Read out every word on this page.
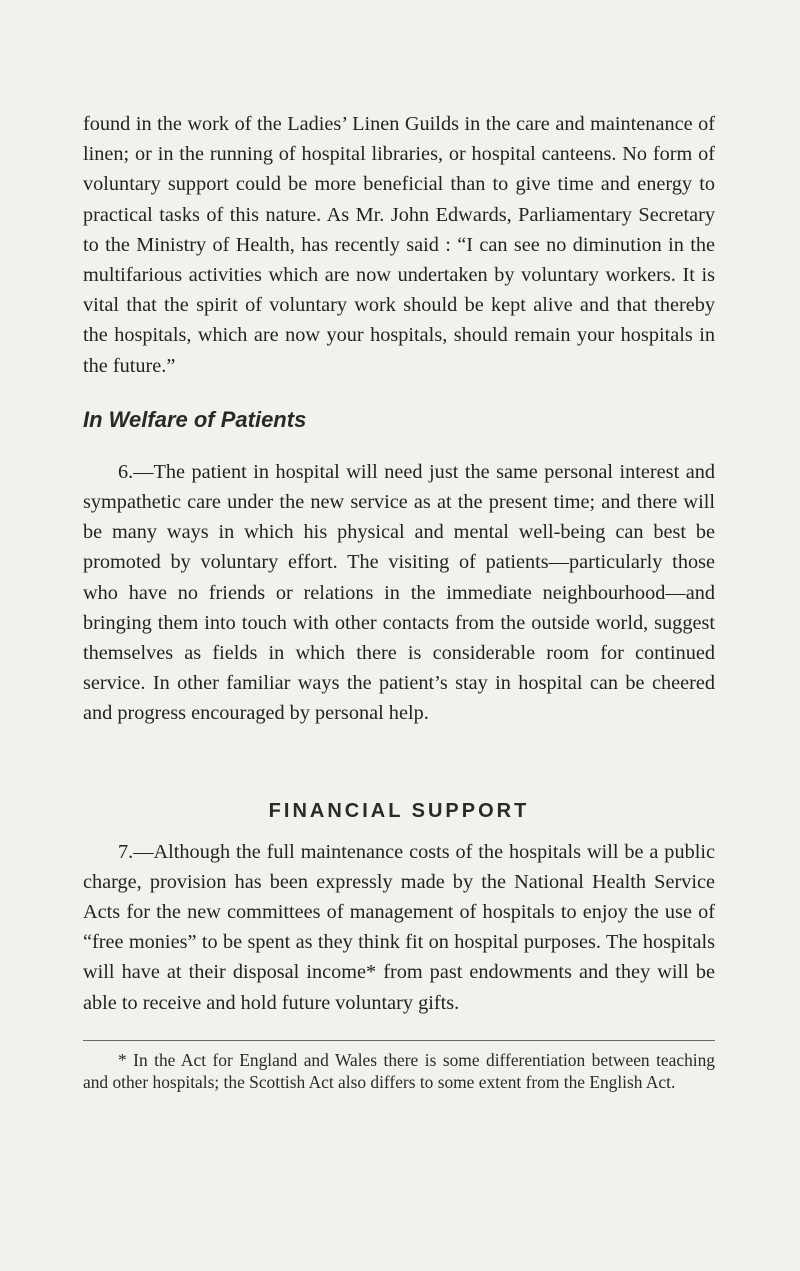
found in the work of the Ladies’ Linen Guilds in the care and maintenance of linen; or in the running of hospital libraries, or hospital canteens. No form of voluntary support could be more beneficial than to give time and energy to practical tasks of this nature. As Mr. John Edwards, Parliamentary Secretary to the Ministry of Health, has recently said : “I can see no diminution in the multifarious activities which are now undertaken by voluntary workers. It is vital that the spirit of voluntary work should be kept alive and that thereby the hospitals, which are now your hospitals, should remain your hospitals in the future.”

In Welfare of Patients

6.—The patient in hospital will need just the same personal interest and sympathetic care under the new service as at the present time; and there will be many ways in which his physical and mental well-being can best be promoted by voluntary effort. The visiting of patients—particularly those who have no friends or relations in the immediate neighbourhood—and bringing them into touch with other contacts from the outside world, suggest themselves as fields in which there is considerable room for continued service. In other familiar ways the patient’s stay in hospital can be cheered and progress encouraged by personal help.

FINANCIAL SUPPORT

7.—Although the full maintenance costs of the hospitals will be a public charge, provision has been expressly made by the National Health Service Acts for the new committees of management of hospitals to enjoy the use of “free monies” to be spent as they think fit on hospital purposes. The hospitals will have at their disposal income* from past endowments and they will be able to receive and hold future voluntary gifts.

* In the Act for England and Wales there is some differentiation between teaching and other hospitals; the Scottish Act also differs to some extent from the English Act.
